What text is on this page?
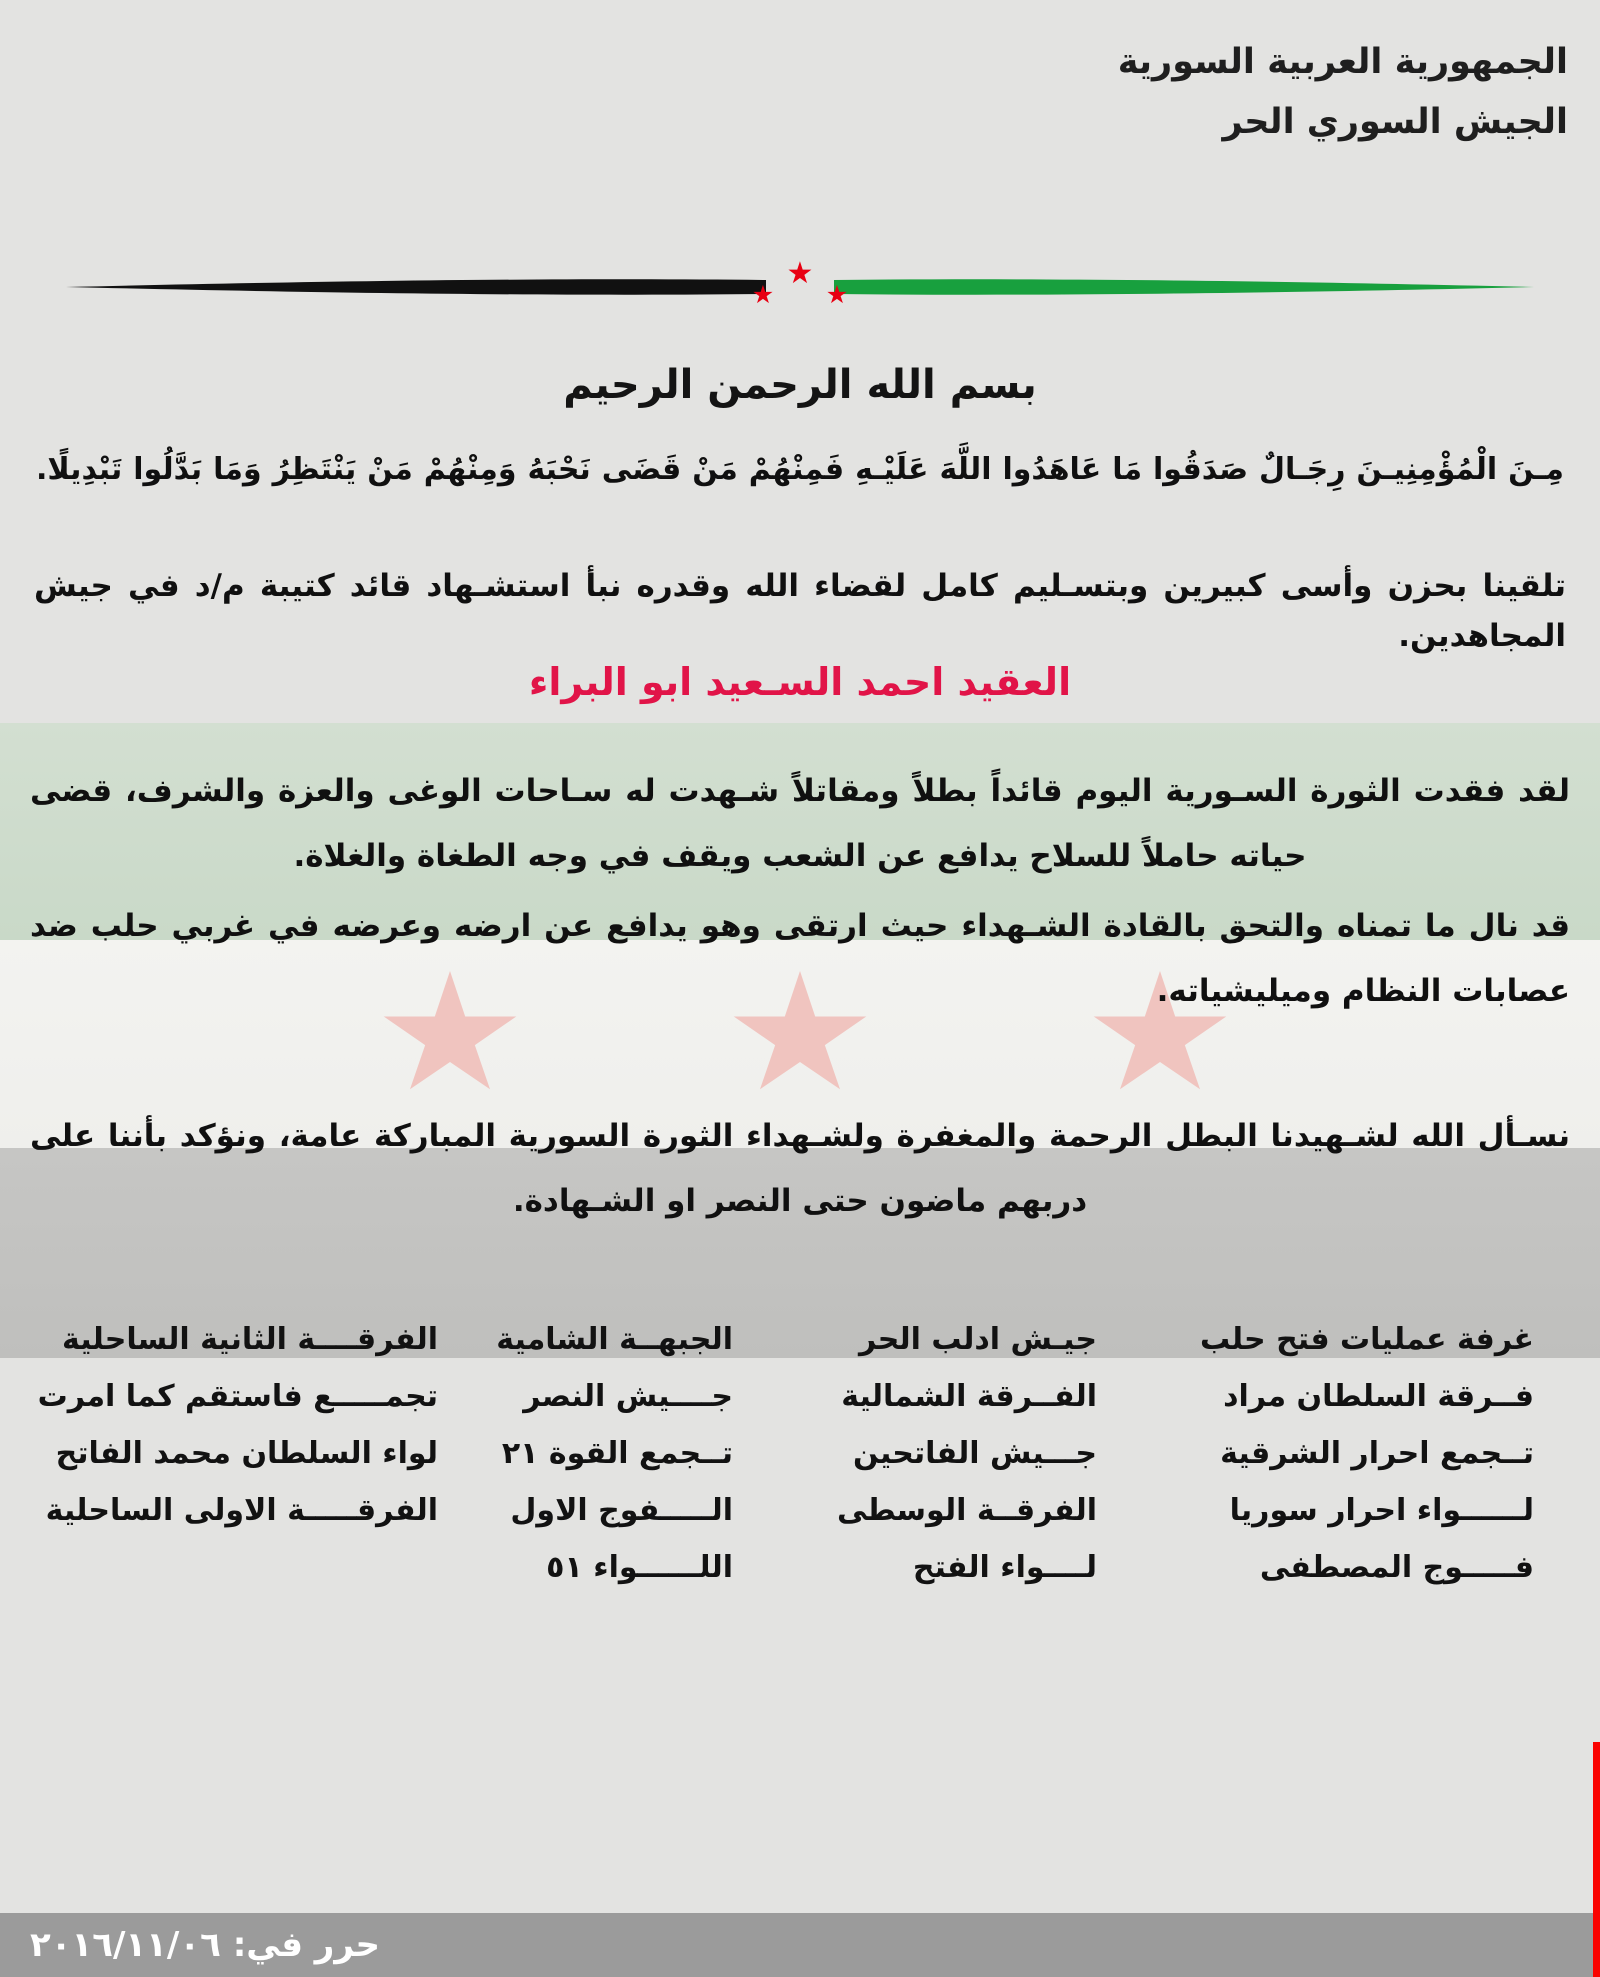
الجمهورية العربية السورية
الجيش السوري الحر
★
★ ★
بسم الله الرحمن الرحيم

مِـنَ الْمُؤْمِنِيـنَ رِجَـالٌ صَدَقُوا مَا عَاهَدُوا اللَّهَ عَلَيْـهِ فَمِنْهُمْ مَنْ قَضَى نَحْبَهُ وَمِنْهُمْ مَنْ يَنْتَظِرُ وَمَا بَدَّلُوا تَبْدِيلًا.

تلقينا بحزن وأسى كبيرين وبتسـليم كامل لقضاء الله وقدره نبأ استشـهاد قائد كتيبة م/د في جيش المجاهدين.

العقيد احمد السـعيد ابو البراء

لقد فقدت الثورة السـورية اليوم قائداً بطلاً ومقاتلاً شـهدت له سـاحات الوغى والعزة والشرف، قضى حياته حاملاً للسلاح يدافع عن الشعب ويقف في وجه الطغاة والغلاة.

قد نال ما تمناه والتحق بالقادة الشـهداء حيث ارتقى وهو يدافع عن ارضه وعرضه في غربي حلب ضد عصابات النظام وميليشياته.

نسـأل الله لشـهيدنا البطل الرحمة والمغفرة ولشـهداء الثورة السورية المباركة عامة، ونؤكد بأننا على دربهم ماضون حتى النصر او الشـهادة.

غرفة عمليات فتح حلب
فــرقة السلطان مراد
تــجمع احرار الشرقية
لــــــواء احرار سوريا
فـــــوج المصطفى
جيـش ادلب الحر
الفــرقة الشمالية
جـــيش الفاتحين
الفرقــة الوسطى
لــــواء الفتح
الجبهــة الشامية
جــــيش النصر
تــجمع القوة ٢١
الـــــفوج الاول
اللــــــواء ٥١
الفرقــــة الثانية الساحلية
تجمـــــع فاستقم كما امرت
لواء السلطان محمد الفاتح
الفرقـــــة الاولى الساحلية
حرر في: ٢٠١٦/١١/٠٦
